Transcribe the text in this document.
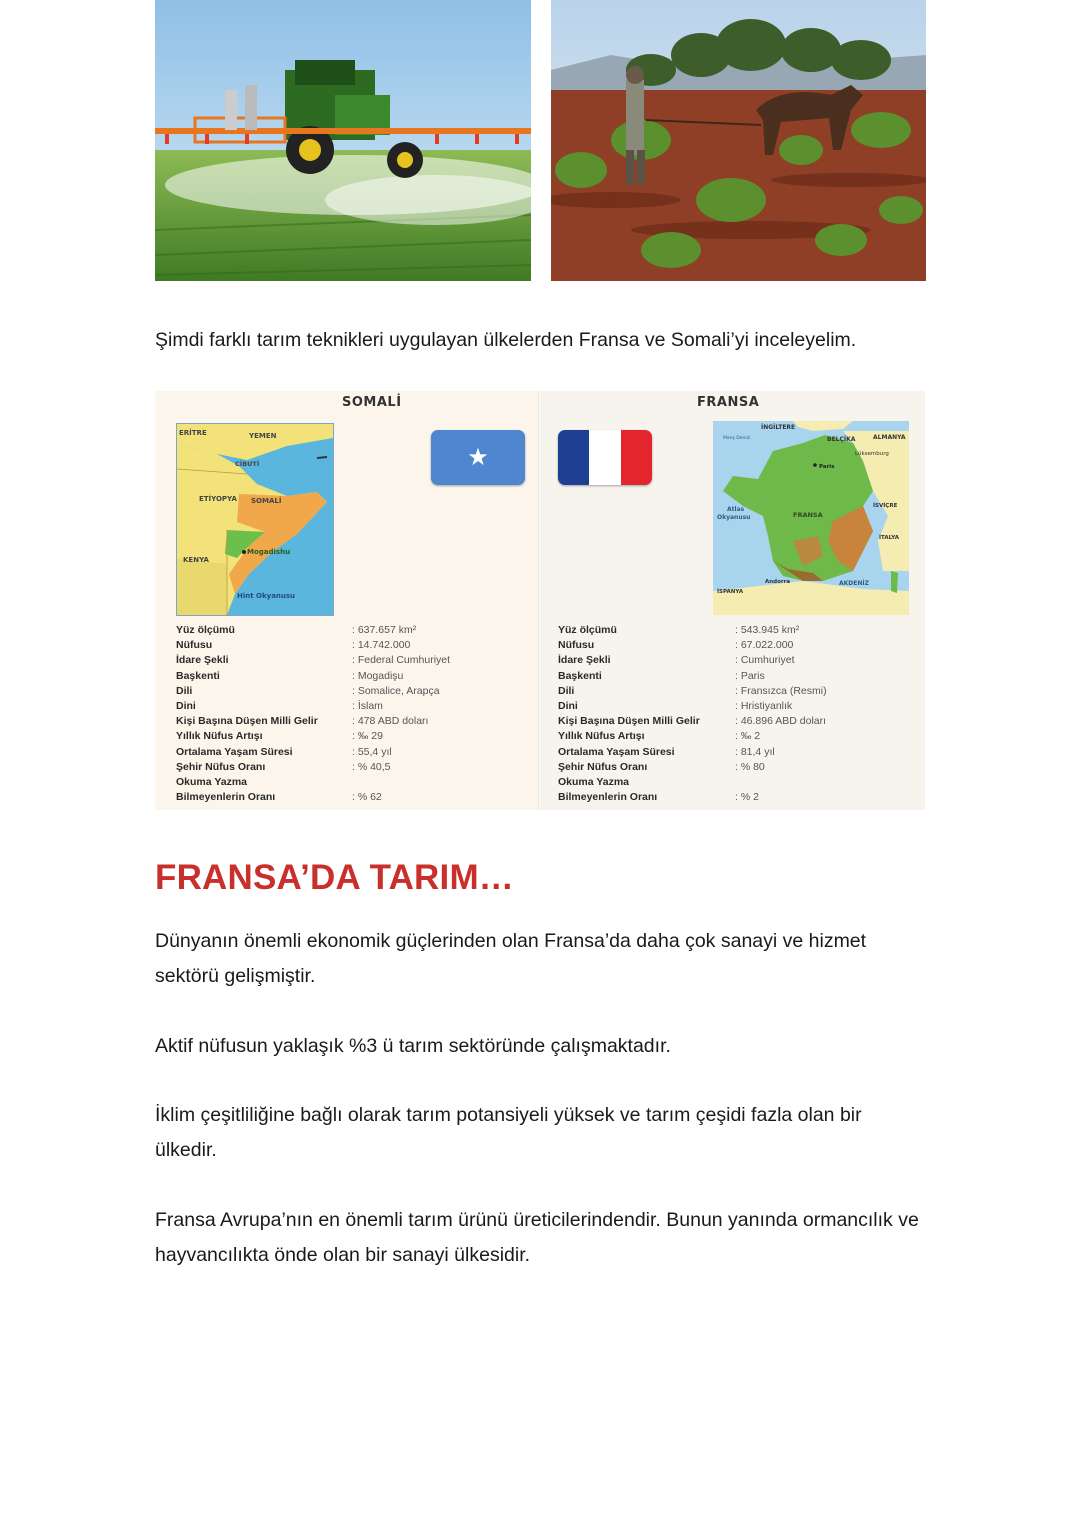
Şimdi farklı tarım teknikleri uygulayan ülkelerden Fransa ve Somali’yi inceleyelim.

SOMALİ
ERİTRE	YEMEN
CİBUTİ
ETİYOPYA SOMALİ
Mogadishu
KENYA
Hint Okyanusu
★
Yüz ölçümü	: 637.657 km²
Nüfusu	: 14.742.000
İdare Şekli	: Federal Cumhuriyet
Başkenti	: Mogadişu
Dili	: Somalice, Arapça
Dini	: İslam
Kişi Başına Düşen Milli Gelir	: 478 ABD doları
Yıllık Nüfus Artışı	: ‰ 29
Ortalama Yaşam Süresi	: 55,4 yıl
Şehir Nüfus Oranı	: % 40,5
Okuma Yazma
Bilmeyenlerin Oranı	: % 62
FRANSA
İNGİLTERE
Manş Denizi	BELÇİKA	ALMANYA
Lüksemburg
Paris
Atlas
Okyanusu	FRANSA
İSVİÇRE
İTALYA
Andorra	AKDENİZ
İSPANYA
Yüz ölçümü	: 543.945 km²
Nüfusu	: 67.022.000
İdare Şekli	: Cumhuriyet
Başkenti	: Paris
Dili	: Fransızca (Resmi)
Dini	: Hristiyanlık
Kişi Başına Düşen Milli Gelir	: 46.896 ABD doları
Yıllık Nüfus Artışı	: ‰ 2
Ortalama Yaşam Süresi	: 81,4 yıl
Şehir Nüfus Oranı	: % 80
Okuma Yazma
Bilmeyenlerin Oranı	: % 2
FRANSA’DA TARIM…

Dünyanın önemli ekonomik güçlerinden olan Fransa’da daha çok sanayi ve hizmet sektörü gelişmiştir.

Aktif nüfusun yaklaşık %3 ü tarım sektöründe çalışmaktadır.

İklim çeşitliliğine bağlı olarak tarım potansiyeli yüksek ve tarım çeşidi fazla olan bir ülkedir.

Fransa Avrupa’nın en önemli tarım ürünü üreticilerindendir. Bunun yanında ormancılık ve hayvancılıkta önde olan bir sanayi ülkesidir.
